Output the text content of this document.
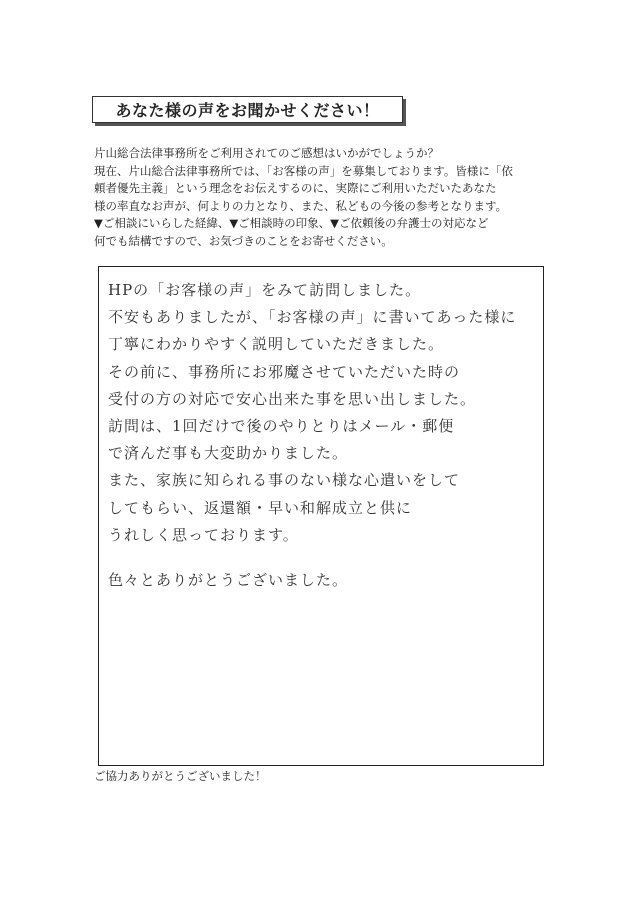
あなた様の声をお聞かせください！
片山総合法律事務所をご利用されてのご感想はいかがでしょうか？
現在、片山総合法律事務所では、「お客様の声」を募集しております。皆様に「依
頼者優先主義」という理念をお伝えするのに、実際にご利用いただいたあなた
様の率直なお声が、何よりの力となり、また、私どもの今後の参考となります。
▼ご相談にいらした経緯、▼ご相談時の印象、▼ご依頼後の弁護士の対応など
何でも結構ですので、お気づきのことをお寄せください。
HPの「お客様の声」をみて訪問しました。
不安もありましたが、「お客様の声」に書いてあった様に
丁寧にわかりやすく説明していただきました。
その前に、事務所にお邪魔させていただいた時の
受付の方の対応で安心出来た事を思い出しました。
訪問は、1回だけで後のやりとりはメール・郵便
で済んだ事も大変助かりました。
また、家族に知られる事のない様な心遣いをして
してもらい、返還額・早い和解成立と供に
うれしく思っております。
色々とありがとうございました。
ご協力ありがとうございました！
